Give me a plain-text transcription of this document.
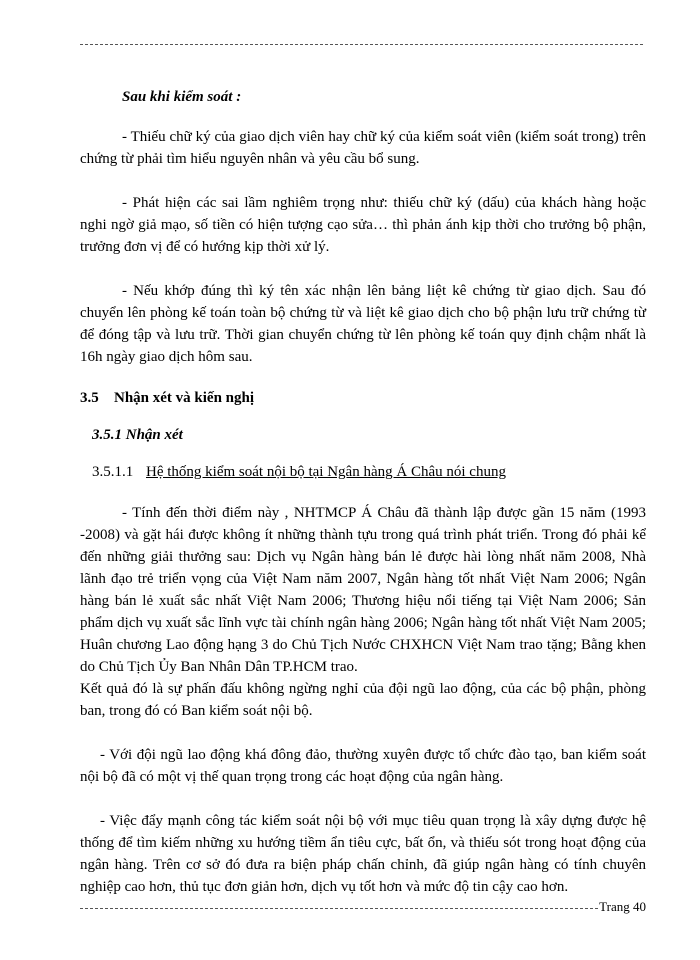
Sau khi kiểm soát :

- Thiếu chữ ký của giao dịch viên hay chữ ký của kiểm soát viên (kiểm soát trong) trên chứng từ phải tìm hiểu nguyên nhân và yêu cầu bổ sung.

- Phát hiện các sai lầm nghiêm trọng như: thiếu chữ ký (dấu) của khách hàng hoặc nghi ngờ giả mạo, số tiền có hiện tượng cạo sửa… thì phản ánh kịp thời cho trưởng bộ phận, trưởng đơn vị để có hướng kịp thời xử lý.

- Nếu khớp đúng thì ký tên xác nhận lên bảng liệt kê chứng từ giao dịch. Sau đó chuyển lên phòng kế toán toàn bộ chứng từ và liệt kê giao dịch cho bộ phận lưu trữ chứng từ để đóng tập và lưu trữ. Thời gian chuyển chứng từ lên phòng kế toán quy định chậm nhất là 16h ngày giao dịch hôm sau.

3.5 Nhận xét và kiến nghị

3.5.1 Nhận xét

3.5.1.1 Hệ thống kiểm soát nội bộ tại Ngân hàng Á Châu nói chung

- Tính đến thời điểm này , NHTMCP Á Châu đã thành lập được gần 15 năm (1993 -2008) và gặt hái được không ít những thành tựu trong quá trình phát triển. Trong đó phải kể đến những giải thưởng sau: Dịch vụ Ngân hàng bán lẻ được hài lòng nhất năm 2008, Nhà lãnh đạo trẻ triển vọng của Việt Nam năm 2007, Ngân hàng tốt nhất Việt Nam 2006; Ngân hàng bán lẻ xuất sắc nhất Việt Nam 2006; Thương hiệu nổi tiếng tại Việt Nam 2006; Sản phẩm dịch vụ xuất sắc lĩnh vực tài chính ngân hàng 2006; Ngân hàng tốt nhất Việt Nam 2005; Huân chương Lao động hạng 3 do Chủ Tịch Nước CHXHCN Việt Nam trao tặng; Bằng khen do Chủ Tịch Ủy Ban Nhân Dân TP.HCM trao.

Kết quả đó là sự phấn đấu không ngừng nghỉ của đội ngũ lao động, của các bộ phận, phòng ban, trong đó có Ban kiểm soát nội bộ.

- Với đội ngũ lao động khá đông đảo, thường xuyên được tổ chức đào tạo, ban kiểm soát nội bộ đã có một vị thế quan trọng trong các hoạt động của ngân hàng.

- Việc đẩy mạnh công tác kiểm soát nội bộ với mục tiêu quan trọng là xây dựng được hệ thống để tìm kiếm những xu hướng tiềm ẩn tiêu cực, bất ổn, và thiếu sót trong hoạt động của ngân hàng. Trên cơ sở đó đưa ra biện pháp chấn chỉnh, đã giúp ngân hàng có tính chuyên nghiệp cao hơn, thủ tục đơn giản hơn, dịch vụ tốt hơn và mức độ tin cậy cao hơn.

Trang 40
